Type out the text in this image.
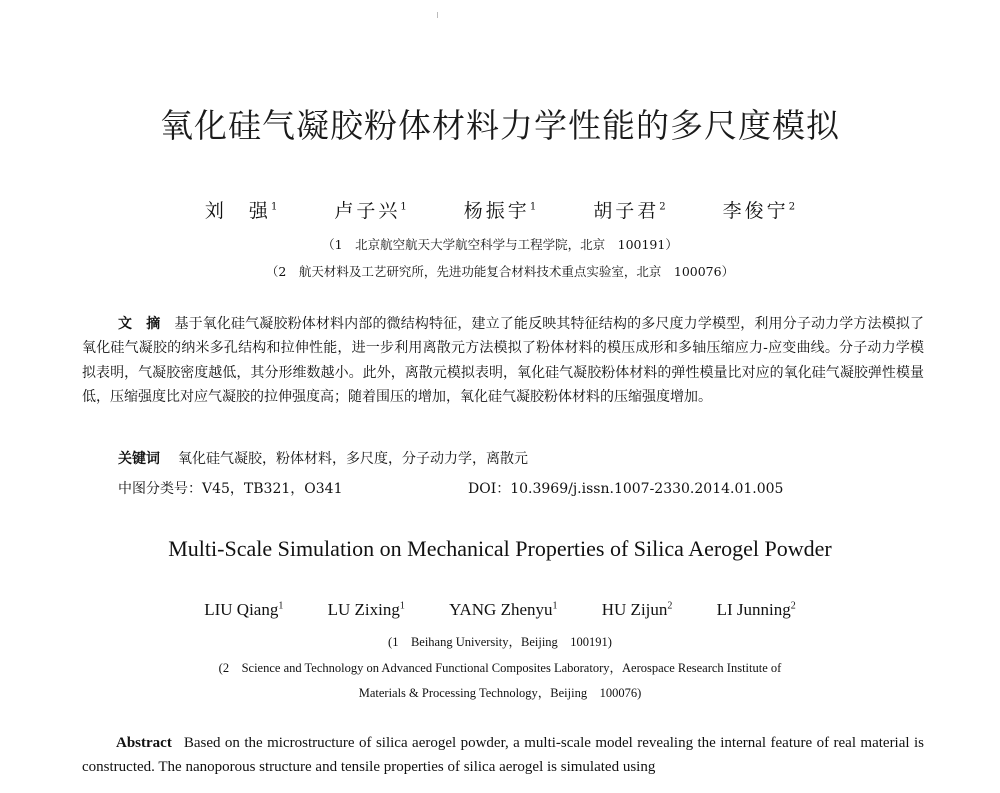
氧化硅气凝胶粉体材料力学性能的多尺度模拟
刘　强$^1$	卢子兴$^1$	杨振宇$^1$	胡子君$^2$	李俊宁$^2$
（1　北京航空航天大学航空科学与工程学院，北京　100191）
（2　航天材料及工艺研究所，先进功能复合材料技术重点实验室，北京　100076）
文　摘 基于氧化硅气凝胶粉体材料内部的微结构特征，建立了能反映其特征结构的多尺度力学模型，利用分子动力学方法模拟了氧化硅气凝胶的纳米多孔结构和拉伸性能，进一步利用离散元方法模拟了粉体材料的模压成形和多轴压缩应力-应变曲线。分子动力学模拟表明，气凝胶密度越低，其分形维数越小。此外，离散元模拟表明，氧化硅气凝胶粉体材料的弹性模量比对应的氧化硅气凝胶弹性模量低，压缩强度比对应气凝胶的拉伸强度高；随着围压的增加，氧化硅气凝胶粉体材料的压缩强度增加。
关键词 氧化硅气凝胶，粉体材料，多尺度，分子动力学，离散元
中图分类号：V45，TB321，O341	DOI：10.3969/j.issn.1007-2330.2014.01.005
Multi-Scale Simulation on Mechanical Properties of Silica Aerogel Powder
LIU Qiang$^1$	LU Zixing$^1$	YANG Zhenyu$^1$	HU Zijun$^2$	LI Junning$^2$
(1　Beihang University，Beijing　100191)
(2　Science and Technology on Advanced Functional Composites Laboratory，Aerospace Research Institute of
Materials & Processing Technology，Beijing　100076)
Abstract Based on the microstructure of silica aerogel powder, a multi-scale model revealing the internal feature of real material is constructed. The nanoporous structure and tensile properties of silica aerogel is simulated using
